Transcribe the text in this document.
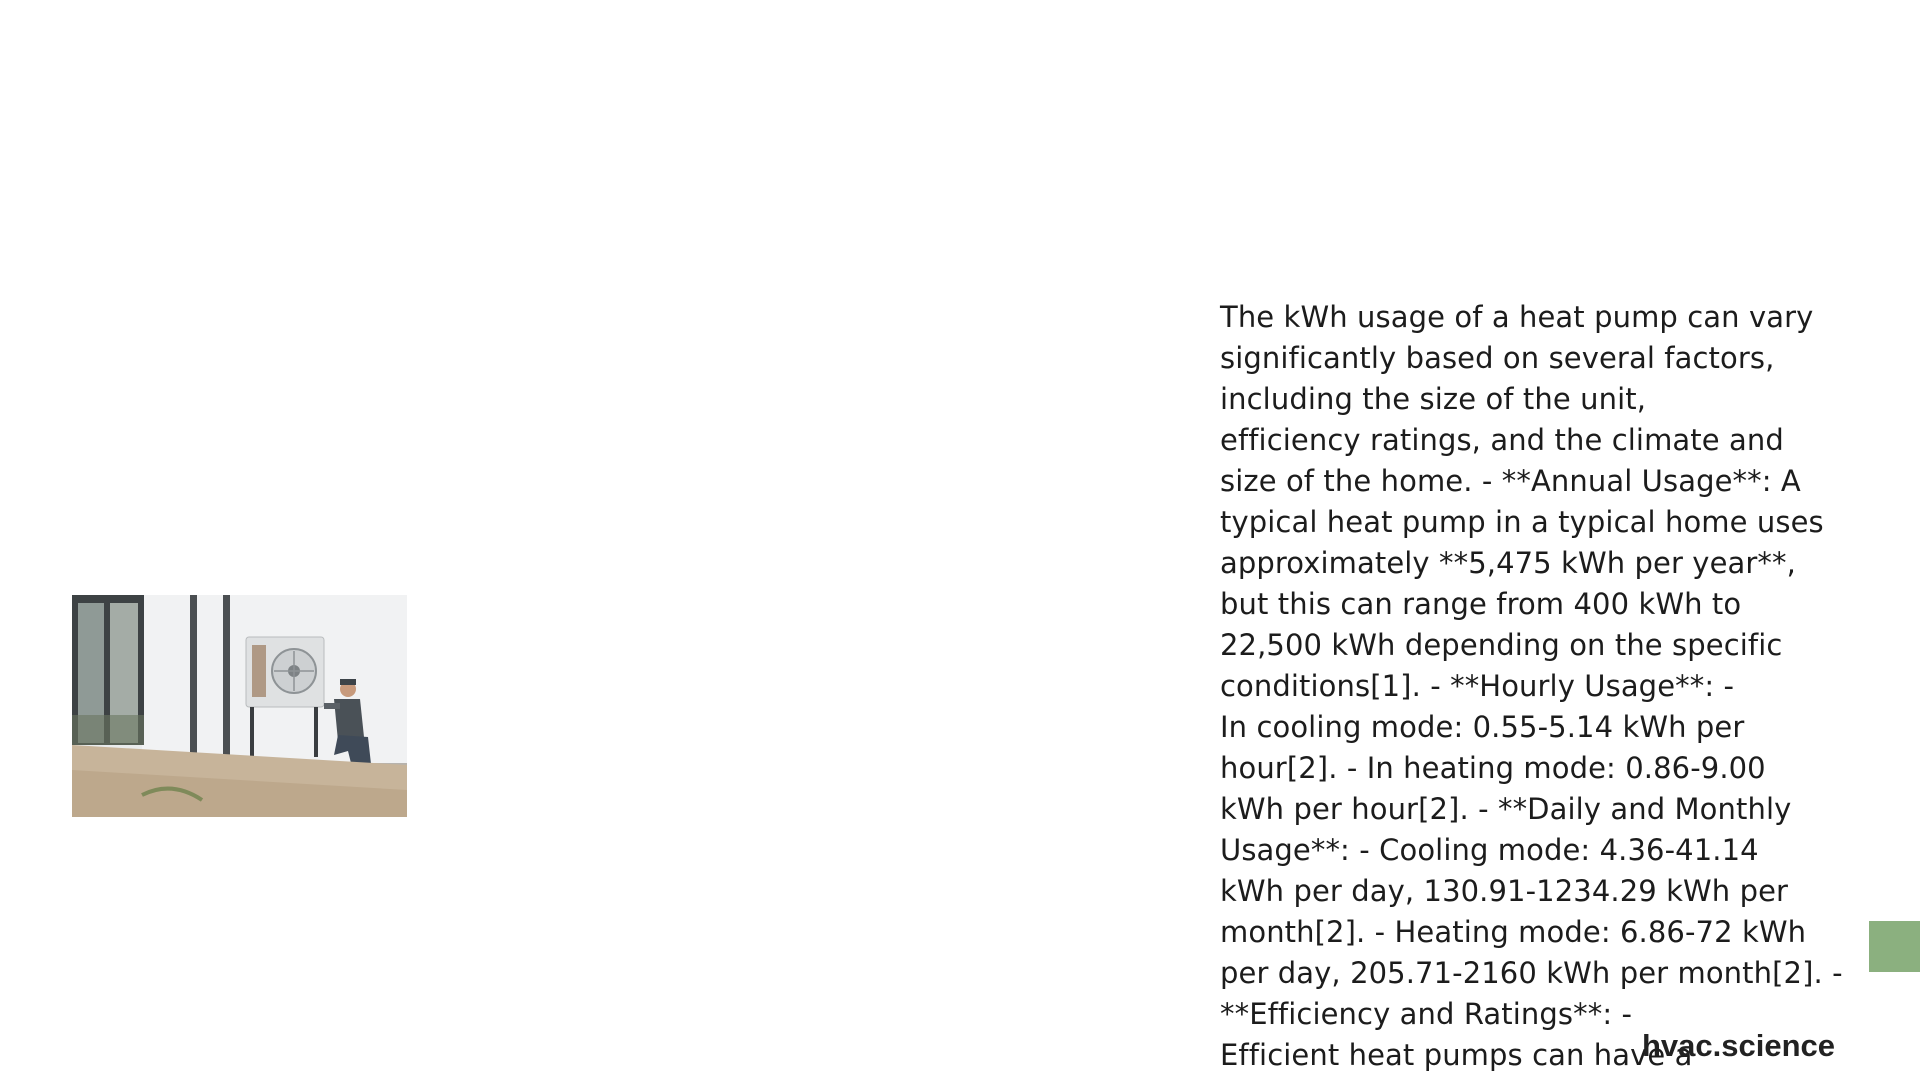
The kWh usage of a heat pump can vary
significantly based on several factors,
including the size of the unit,
efficiency ratings, and the climate and
size of the home. - **Annual Usage**: A
typical heat pump in a typical home uses
approximately **5,475 kWh per year**,
but this can range from 400 kWh to
22,500 kWh depending on the specific
conditions[1]. - **Hourly Usage**: -
In cooling mode: 0.55-5.14 kWh per
hour[2]. - In heating mode: 0.86-9.00
kWh per hour[2]. - **Daily and Monthly
Usage**: - Cooling mode: 4.36-41.14
kWh per day, 130.91-1234.29 kWh per
month[2]. - Heating mode: 6.86-72 kWh
per day, 205.71-2160 kWh per month[2]. -
**Efficiency and Ratings**: -
Efficient heat pumps can have a
hvac.science
